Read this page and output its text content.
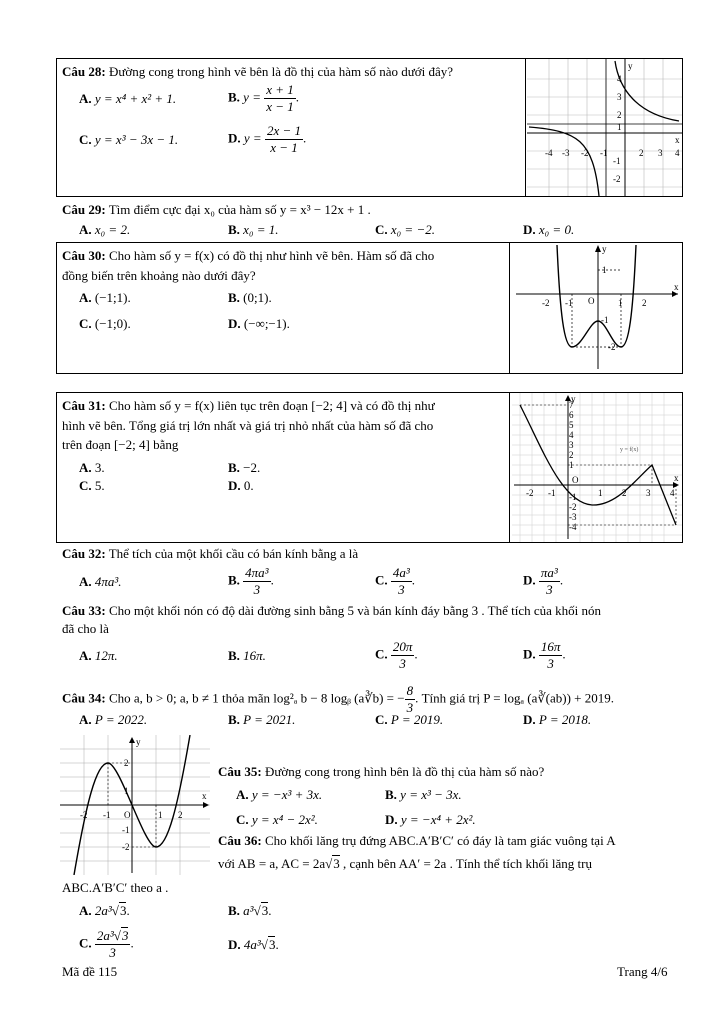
Câu 28: Đường cong trong hình vẽ bên là đồ thị của hàm số nào dưới đây?
A. y = x⁴ + x² + 1.	B. $y = \frac{x + 1}{x - 1}$ .
C. y = x³ − 3x − 1.	D. $y = \frac{2x - 1}{x - 1}$ .
y
x
-4 -3 -2 -1	2 3 4
4
3
2
1
-1
-2
Câu 29: Tìm điểm cực đại x₀ của hàm số y = x³ − 12x + 1 .
A. x₀ = 2.	B. x₀ = 1.	C. x₀ = −2.	D. x₀ = 0.
Câu 30: Cho hàm số y = f(x) có đồ thị như hình vẽ bên. Hàm số đã cho
đồng biến trên khoảng nào dưới đây?
A. (−1;1).	B. (0;1).
C. (−1;0).	D. (−∞;−1).
y
x
-2 -1 O	1 2
1
-1
-2
Câu 31: Cho hàm số y = f(x) liên tục trên đoạn [−2; 4] và có đồ thị như
hình vẽ bên. Tổng giá trị lớn nhất và giá trị nhỏ nhất của hàm số đã cho
trên đoạn [−2; 4] bằng
A. 3.	B. −2.
C. 5.	D. 0.
y = f(x)
y
x
O
-2 -1	1 2 3 4
7
6
5
4
3
2
1
-1
-2
-3
-4
Câu 32: Thể tích của một khối cầu có bán kính bằng a là
A. 4πa³.	B. $\frac{\text{4πa³}}{3}$ .	C. $\frac{\text{4a³}}{3}$ .	D. $\frac{\text{πa³}}{3}$ .
Câu 33: Cho một khối nón có độ dài đường sinh bằng 5 và bán kính đáy bằng 3 . Thể tích của khối nón
đã cho là
A. 12π.	B. 16π.	C. $\frac{20\pi}{3}$ .	D. $\frac{16\pi}{3}$ .
Câu 34: Cho a, b > 0; a, b ≠ 1 thỏa mãn log²ₐ b − 8 logᵦ (a∛b) = − $\frac{8}{3}$ . Tính giá trị P = logₐ (a∛(ab)) + 2019.
A. P = 2022.	B. P = 2021.	C. P = 2019.	D. P = 2018.
y
x
-2 -1 O	1 2
2
1
-1
-2
Câu 35: Đường cong trong hình bên là đồ thị của hàm số nào?
A. y = −x³ + 3x.	B. y = x³ − 3x.
C. y = x⁴ − 2x².	D. y = −x⁴ + 2x².
Câu 36: Cho khối lăng trụ đứng ABC.A′B′C′ có đáy là tam giác vuông tại A
với AB = a, AC = 2a√3 , cạnh bên AA′ = 2a . Tính thể tích khối lăng trụ
ABC.A′B′C′ theo a .
A. 2a³√3.	B. a³√3.
C. $\frac{\text{2a³√3}}{3}$ .	D. 4a³√3.
Mã đề 115	Trang 4/6
